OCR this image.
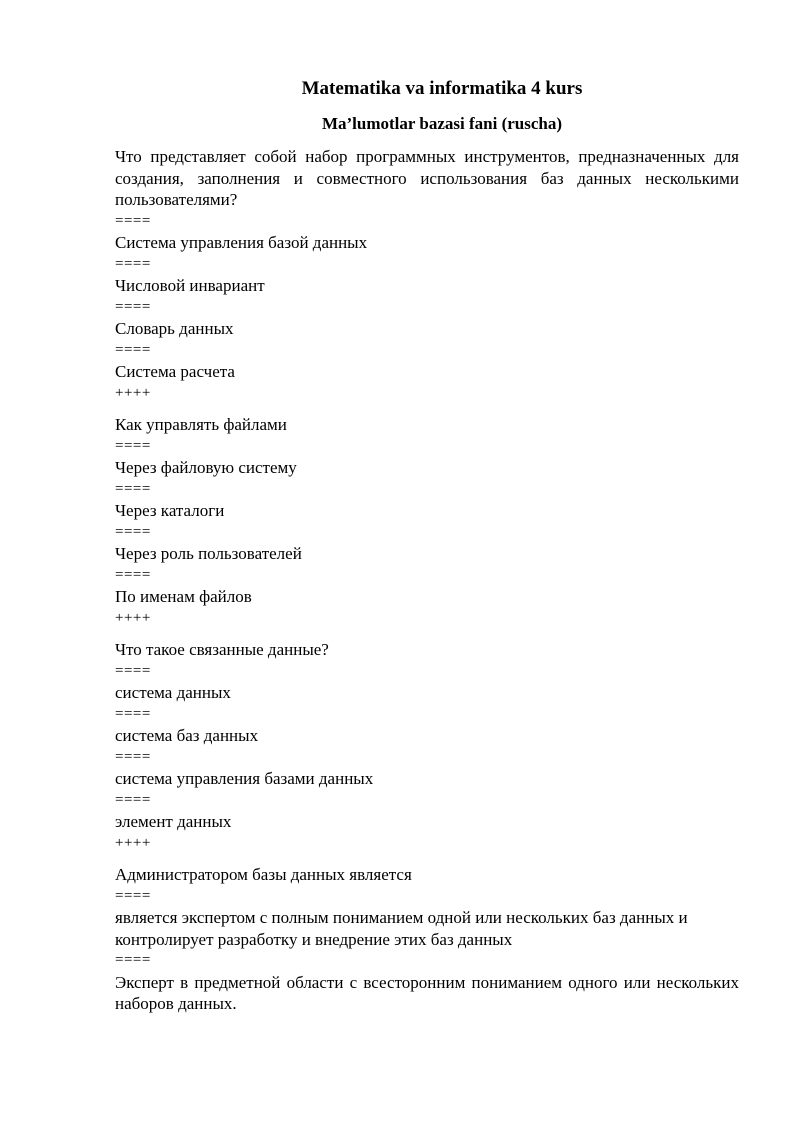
Matematika va informatika 4 kurs
Ma’lumotlar bazasi fani (ruscha)

Что представляет собой набор программных инструментов, предназначенных для создания, заполнения и совместного использования баз данных несколькими пользователями?

====

Система управления базой данных

====

Числовой инвариант

====

Словарь данных

====

Система расчета

++++

Как управлять файлами

====

Через файловую систему

====

Через каталоги

====

Через роль пользователей

====

По именам файлов

++++

Что такое связанные данные?

====

система данных

====

система баз данных

====

система управления базами данных

====

элемент данных

++++

Администратором базы данных является

====

является экспертом с полным пониманием одной или нескольких баз данных и контролирует разработку и внедрение этих баз данных

====

Эксперт в предметной области с всесторонним пониманием одного или нескольких наборов данных.
